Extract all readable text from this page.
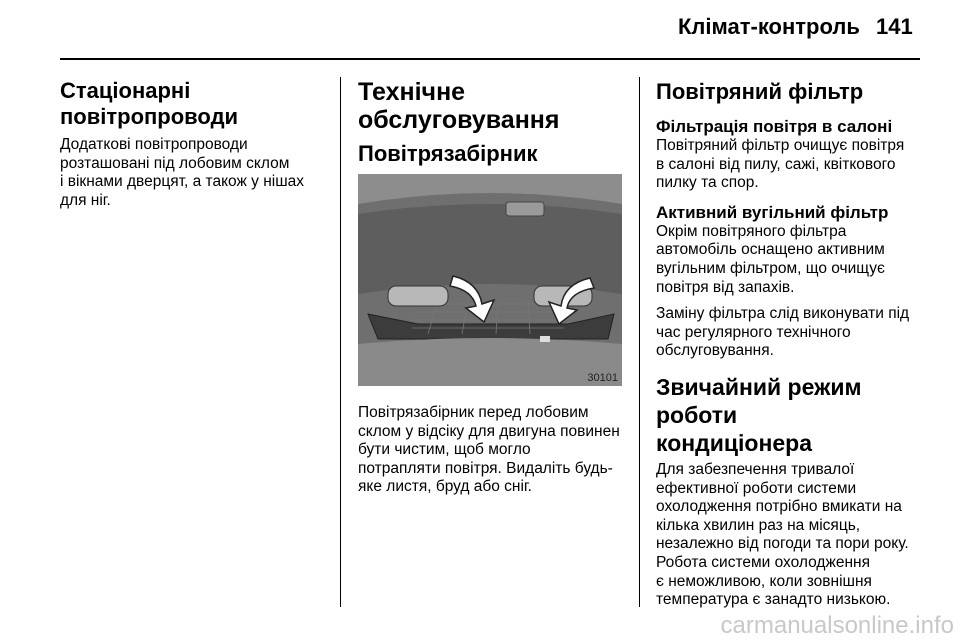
Клімат-контроль 141
Стаціонарні
повітропроводи
Додаткові повітропроводи
розташовані під лобовим склом
і вікнами дверцят, а також у нішах
для ніг.
Технічне
обслуговування
Повітрязабірник
30101
Повітрязабірник перед лобовим
склом у відсіку для двигуна повинен
бути чистим, щоб могло
потрапляти повітря. Видаліть будь-
яке листя, бруд або сніг.
Повітряний фільтр
Фільтрація повітря в салоні
Повітряний фільтр очищує повітря
в салоні від пилу, сажі, квіткового
пилку та спор.
Активний вугільний фільтр
Окрім повітряного фільтра
автомобіль оснащено активним
вугільним фільтром, що очищує
повітря від запахів.
Заміну фільтра слід виконувати під
час регулярного технічного
обслуговування.
Звичайний режим роботи
кондиціонера
Для забезпечення тривалої
ефективної роботи системи
охолодження потрібно вмикати на
кілька хвилин раз на місяць,
незалежно від погоди та пори року.
Робота системи охолодження
є неможливою, коли зовнішня
температура є занадто низькою.
carmanualsonline.info
